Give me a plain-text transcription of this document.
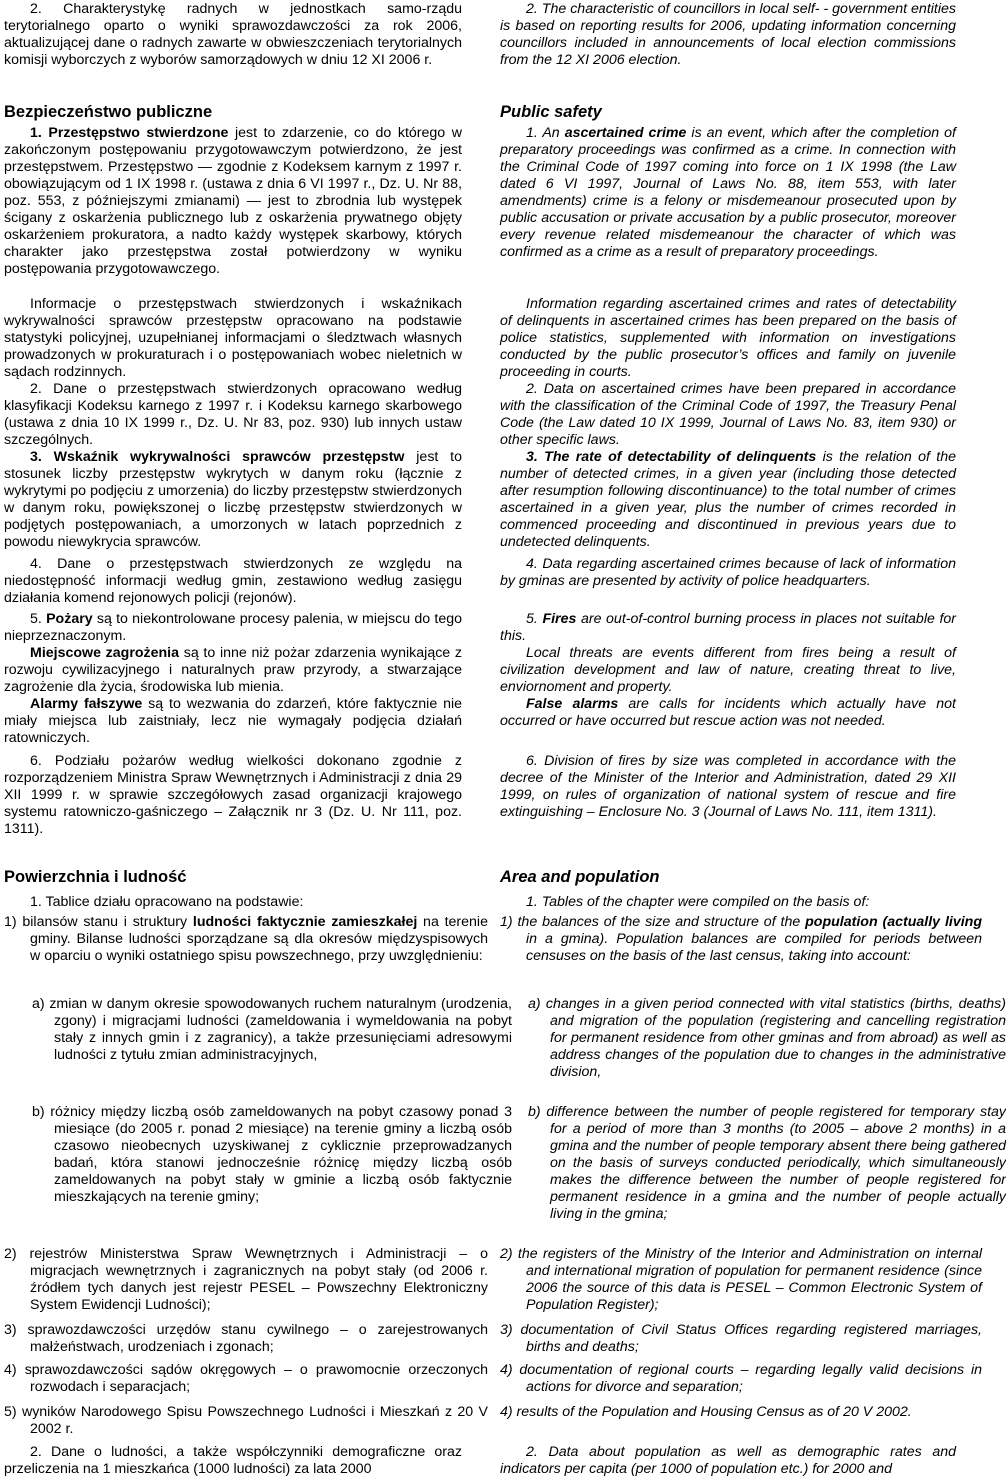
2. Charakterystykę radnych w jednostkach samo-rządu terytorialnego oparto o wyniki sprawozdawczości za rok 2006, aktualizującej dane o radnych zawarte w obwieszczeniach terytorialnych komisji wyborczych z wyborów samorządowych w dniu 12 XI 2006 r.

Bezpieczeństwo publiczne

1. Przestępstwo stwierdzone jest to zdarzenie, co do którego w zakończonym postępowaniu przygotowawczym potwierdzono, że jest przestępstwem. Przestępstwo — zgodnie z Kodeksem karnym z 1997 r. obowiązującym od 1 IX 1998 r. (ustawa z dnia 6 VI 1997 r., Dz. U. Nr 88, poz. 553, z późniejszymi zmianami) — jest to zbrodnia lub występek ścigany z oskarżenia publicznego lub z oskarżenia prywatnego objęty oskarżeniem prokuratora, a nadto każdy występek skarbowy, których charakter jako przestępstwa został potwierdzony w wyniku postępowania przygotowawczego.

Informacje o przestępstwach stwierdzonych i wskaźnikach wykrywalności sprawców przestępstw opracowano na podstawie statystyki policyjnej, uzupełnianej informacjami o śledztwach własnych prowadzonych w prokuraturach i o postępowaniach wobec nieletnich w sądach rodzinnych.

2. Dane o przestępstwach stwierdzonych opracowano według klasyfikacji Kodeksu karnego z 1997 r. i Kodeksu karnego skarbowego (ustawa z dnia 10 IX 1999 r., Dz. U. Nr 83, poz. 930) lub innych ustaw szczególnych.

3. Wskaźnik wykrywalności sprawców przestępstw jest to stosunek liczby przestępstw wykrytych w danym roku (łącznie z wykrytymi po podjęciu z umorzenia) do liczby przestępstw stwierdzonych w danym roku, powiększonej o liczbę przestępstw stwierdzonych w podjętych postępowaniach, a umorzonych w latach poprzednich z powodu niewykrycia sprawców.

4. Dane o przestępstwach stwierdzonych ze względu na niedostępność informacji według gmin, zestawiono według zasięgu działania komend rejonowych policji (rejonów).

5. Pożary są to niekontrolowane procesy palenia, w miejscu do tego nieprzeznaczonym.

Miejscowe zagrożenia są to inne niż pożar zdarzenia wynikające z rozwoju cywilizacyjnego i naturalnych praw przyrody, a stwarzające zagrożenie dla życia, środowiska lub mienia.

Alarmy fałszywe są to wezwania do zdarzeń, które faktycznie nie miały miejsca lub zaistniały, lecz nie wymagały podjęcia działań ratowniczych.

6. Podziału pożarów według wielkości dokonano zgodnie z rozporządzeniem Ministra Spraw Wewnętrznych i Administracji z dnia 29 XII 1999 r. w sprawie szczegółowych zasad organizacji krajowego systemu ratowniczo-gaśniczego – Załącznik nr 3 (Dz. U. Nr 111, poz. 1311).

Powierzchnia i ludność

1. Tablice działu opracowano na podstawie:

1) bilansów stanu i struktury ludności faktycznie zamieszkałej na terenie gminy. Bilanse ludności sporządzane są dla okresów międzyspisowych w oparciu o wyniki ostatniego spisu powszechnego, przy uwzględnieniu:

a) zmian w danym okresie spowodowanych ruchem naturalnym (urodzenia, zgony) i migracjami ludności (zameldowania i wymeldowania na pobyt stały z innych gmin i z zagranicy), a także przesunięciami adresowymi ludności z tytułu zmian administracyjnych,

b) różnicy między liczbą osób zameldowanych na pobyt czasowy ponad 3 miesiące (do 2005 r. ponad 2 miesiące) na terenie gminy a liczbą osób czasowo nieobecnych uzyskiwanej z cyklicznie przeprowadzanych badań, która stanowi jednocześnie różnicę między liczbą osób zameldowanych na pobyt stały w gminie a liczbą osób faktycznie mieszkających na terenie gminy;

2) rejestrów Ministerstwa Spraw Wewnętrznych i Administracji – o migracjach wewnętrznych i zagranicznych na pobyt stały (od 2006 r. źródłem tych danych jest rejestr PESEL – Powszechny Elektroniczny System Ewidencji Ludności);

3) sprawozdawczości urzędów stanu cywilnego – o zarejestrowanych małżeństwach, urodzeniach i zgonach;

4) sprawozdawczości sądów okręgowych – o prawomocnie orzeczonych rozwodach i separacjach;

5) wyników Narodowego Spisu Powszechnego Ludności i Mieszkań z 20 V 2002 r.

2. Dane o ludności, a także współczynniki demograficzne oraz przeliczenia na 1 mieszkańca (1000 ludności) za lata 2000

2. The characteristic of councillors in local self- - government entities is based on reporting results for 2006, updating information concerning councillors included in announcements of local election commissions from the 12 XI 2006 election.

Public safety

1. An ascertained crime is an event, which after the completion of preparatory proceedings was confirmed as a crime. In connection with the Criminal Code of 1997 coming into force on 1 IX 1998 (the Law dated 6 VI 1997, Journal of Laws No. 88, item 553, with later amendments) crime is a felony or misdemeanour prosecuted upon by public accusation or private accusation by a public prosecutor, moreover every revenue related misdemeanour the character of which was confirmed as a crime as a result of preparatory proceedings.

Information regarding ascertained crimes and rates of detectability of delinquents in ascertained crimes has been prepared on the basis of police statistics, supplemented with information on investigations conducted by the public prosecutor’s offices and family on juvenile proceeding in courts.

2. Data on ascertained crimes have been prepared in accordance with the classification of the Criminal Code of 1997, the Treasury Penal Code (the Law dated 10 IX 1999, Journal of Laws No. 83, item 930) or other specific laws.

3. The rate of detectability of delinquents is the relation of the number of detected crimes, in a given year (including those detected after resumption following discontinuance) to the total number of crimes ascertained in a given year, plus the number of crimes recorded in commenced proceeding and discontinued in previous years due to undetected delinquents.

4. Data regarding ascertained crimes because of lack of information by gminas are presented by activity of police headquarters.

5. Fires are out-of-control burning process in places not suitable for this.

Local threats are events different from fires being a result of civilization development and law of nature, creating threat to live, enviornoment and property.

False alarms are calls for incidents which actually have not occurred or have occurred but rescue action was not needed.

6. Division of fires by size was completed in accordance with the decree of the Minister of the Interior and Administration, dated 29 XII 1999, on rules of organization of national system of rescue and fire extinguishing – Enclosure No. 3 (Journal of Laws No. 111, item 1311).

Area and population

1. Tables of the chapter were compiled on the basis of:

1) the balances of the size and structure of the population (actually living in a gmina). Population balances are compiled for periods between censuses on the basis of the last census, taking into account:

a) changes in a given period connected with vital statistics (births, deaths) and migration of the population (registering and cancelling registration for permanent residence from other gminas and from abroad) as well as address changes of the population due to changes in the administrative division,

b) difference between the number of people registered for temporary stay for a period of more than 3 months (to 2005 – above 2 months) in a gmina and the number of people temporary absent there being gathered on the basis of surveys conducted periodically, which simultaneously makes the difference between the number of people registered for permanent residence in a gmina and the number of people actually living in the gmina;

2) the registers of the Ministry of the Interior and Administration on internal and international migration of population for permanent residence (since 2006 the source of this data is PESEL – Common Electronic System of Population Register);

3) documentation of Civil Status Offices regarding registered marriages, births and deaths;

4) documentation of regional courts – regarding legally valid decisions in actions for divorce and separation;

4) results of the Population and Housing Census as of 20 V 2002.

2. Data about population as well as demographic rates and indicators per capita (per 1000 of population etc.) for 2000 and
